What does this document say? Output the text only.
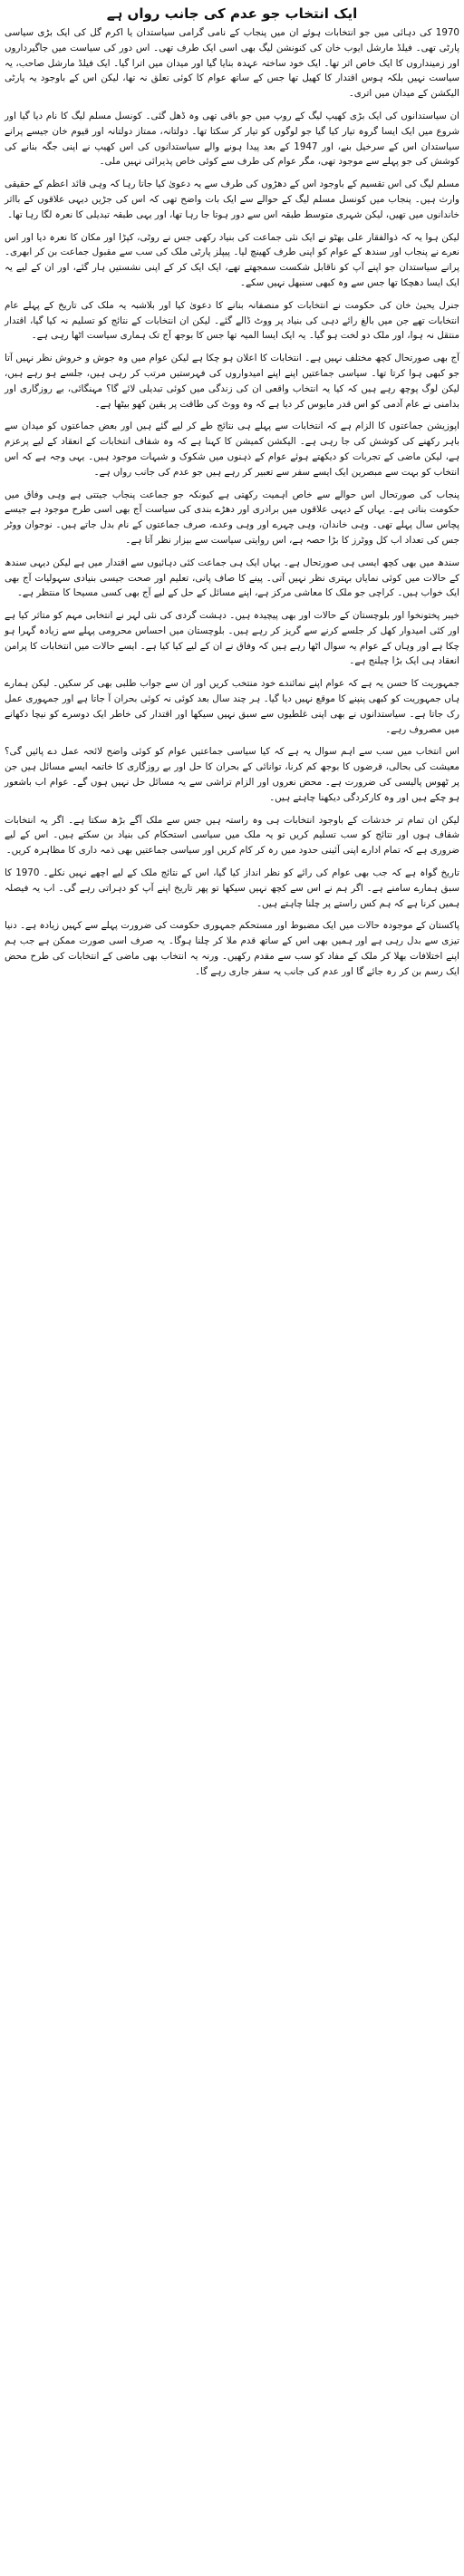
ایک انتخاب جو عدم کی جانب رواں ہے

1970 کی دہائی میں جو انتخابات ہوئے ان میں پنجاب کے نامی گرامی سیاستدان یا اکرم گل کی ایک بڑی سیاسی پارٹی تھی۔ فیلڈ مارشل ایوب خان کی کنونشن لیگ بھی اسی ایک طرف تھی۔ اس دور کی سیاست میں جاگیرداروں اور زمینداروں کا ایک خاص اثر تھا۔ ایک خود ساختہ عہدہ بنایا گیا اور میدان میں اترا گیا۔ ایک فیلڈ مارشل صاحب، یہ سیاست نہیں بلکہ ہوس اقتدار کا کھیل تھا جس کے ساتھ عوام کا کوئی تعلق نہ تھا، لیکن اس کے باوجود یہ پارٹی الیکشن کے میدان میں اتری۔

ان سیاستدانوں کی ایک بڑی کھیپ لیگ کے روپ میں جو باقی تھی وہ ڈھل گئی۔ کونسل مسلم لیگ کا نام دیا گیا اور شروع میں ایک ایسا گروہ تیار کیا گیا جو لوگوں کو تیار کر سکتا تھا۔ دولتانہ، ممتاز دولتانہ اور قیوم خان جیسے پرانے سیاستدان اس کے سرخیل بنے، اور 1947 کے بعد پیدا ہونے والے سیاستدانوں کی اس کھیپ نے اپنی جگہ بنانے کی کوشش کی جو پہلے سے موجود تھی، مگر عوام کی طرف سے کوئی خاص پذیرائی نہیں ملی۔

مسلم لیگ کی اس تقسیم کے باوجود اس کے دھڑوں کی طرف سے یہ دعویٰ کیا جاتا رہا کہ وہی قائد اعظم کے حقیقی وارث ہیں۔ پنجاب میں کونسل مسلم لیگ کے حوالے سے ایک بات واضح تھی کہ اس کی جڑیں دیہی علاقوں کے بااثر خاندانوں میں تھیں، لیکن شہری متوسط طبقہ اس سے دور ہوتا جا رہا تھا، اور یہی طبقہ تبدیلی کا نعرہ لگا رہا تھا۔

لیکن ہوا یہ کہ ذوالفقار علی بھٹو نے ایک نئی جماعت کی بنیاد رکھی جس نے روٹی، کپڑا اور مکان کا نعرہ دیا اور اس نعرے نے پنجاب اور سندھ کے عوام کو اپنی طرف کھینچ لیا۔ پیپلز پارٹی ملک کی سب سے مقبول جماعت بن کر ابھری۔ پرانے سیاستدان جو اپنے آپ کو ناقابل شکست سمجھتے تھے، ایک ایک کر کے اپنی نشستیں ہار گئے، اور ان کے لیے یہ ایک ایسا دھچکا تھا جس سے وہ کبھی سنبھل نہیں سکے۔

جنرل یحییٰ خان کی حکومت نے انتخابات کو منصفانہ بنانے کا دعویٰ کیا اور بلاشبہ یہ ملک کی تاریخ کے پہلے عام انتخابات تھے جن میں بالغ رائے دہی کی بنیاد پر ووٹ ڈالے گئے۔ لیکن ان انتخابات کے نتائج کو تسلیم نہ کیا گیا، اقتدار منتقل نہ ہوا، اور ملک دو لخت ہو گیا۔ یہ ایک ایسا المیہ تھا جس کا بوجھ آج تک ہماری سیاست اٹھا رہی ہے۔

آج بھی صورتحال کچھ مختلف نہیں ہے۔ انتخابات کا اعلان ہو چکا ہے لیکن عوام میں وہ جوش و خروش نظر نہیں آتا جو کبھی ہوا کرتا تھا۔ سیاسی جماعتیں اپنے اپنے امیدواروں کی فہرستیں مرتب کر رہی ہیں، جلسے ہو رہے ہیں، لیکن لوگ پوچھ رہے ہیں کہ کیا یہ انتخاب واقعی ان کی زندگی میں کوئی تبدیلی لائے گا؟ مہنگائی، بے روزگاری اور بدامنی نے عام آدمی کو اس قدر مایوس کر دیا ہے کہ وہ ووٹ کی طاقت پر یقین کھو بیٹھا ہے۔

اپوزیشن جماعتوں کا الزام ہے کہ انتخابات سے پہلے ہی نتائج طے کر لیے گئے ہیں اور بعض جماعتوں کو میدان سے باہر رکھنے کی کوشش کی جا رہی ہے۔ الیکشن کمیشن کا کہنا ہے کہ وہ شفاف انتخابات کے انعقاد کے لیے پرعزم ہے، لیکن ماضی کے تجربات کو دیکھتے ہوئے عوام کے ذہنوں میں شکوک و شبہات موجود ہیں۔ یہی وجہ ہے کہ اس انتخاب کو بہت سے مبصرین ایک ایسے سفر سے تعبیر کر رہے ہیں جو عدم کی جانب رواں ہے۔

پنجاب کی صورتحال اس حوالے سے خاص اہمیت رکھتی ہے کیونکہ جو جماعت پنجاب جیتتی ہے وہی وفاق میں حکومت بناتی ہے۔ یہاں کے دیہی علاقوں میں برادری اور دھڑے بندی کی سیاست آج بھی اسی طرح موجود ہے جیسے پچاس سال پہلے تھی۔ وہی خاندان، وہی چہرے اور وہی وعدے، صرف جماعتوں کے نام بدل جاتے ہیں۔ نوجوان ووٹر جس کی تعداد اب کل ووٹرز کا بڑا حصہ ہے، اس روایتی سیاست سے بیزار نظر آتا ہے۔

سندھ میں بھی کچھ ایسی ہی صورتحال ہے۔ یہاں ایک ہی جماعت کئی دہائیوں سے اقتدار میں ہے لیکن دیہی سندھ کے حالات میں کوئی نمایاں بہتری نظر نہیں آتی۔ پینے کا صاف پانی، تعلیم اور صحت جیسی بنیادی سہولیات آج بھی ایک خواب ہیں۔ کراچی جو ملک کا معاشی مرکز ہے، اپنے مسائل کے حل کے لیے آج بھی کسی مسیحا کا منتظر ہے۔

خیبر پختونخوا اور بلوچستان کے حالات اور بھی پیچیدہ ہیں۔ دہشت گردی کی نئی لہر نے انتخابی مہم کو متاثر کیا ہے اور کئی امیدوار کھل کر جلسے کرنے سے گریز کر رہے ہیں۔ بلوچستان میں احساس محرومی پہلے سے زیادہ گہرا ہو چکا ہے اور وہاں کے عوام یہ سوال اٹھا رہے ہیں کہ وفاق نے ان کے لیے کیا کیا ہے۔ ایسے حالات میں انتخابات کا پرامن انعقاد ہی ایک بڑا چیلنج ہے۔

جمہوریت کا حسن یہ ہے کہ عوام اپنے نمائندے خود منتخب کریں اور ان سے جواب طلبی بھی کر سکیں۔ لیکن ہمارے ہاں جمہوریت کو کبھی پنپنے کا موقع نہیں دیا گیا۔ ہر چند سال بعد کوئی نہ کوئی بحران آ جاتا ہے اور جمہوری عمل رک جاتا ہے۔ سیاستدانوں نے بھی اپنی غلطیوں سے سبق نہیں سیکھا اور اقتدار کی خاطر ایک دوسرے کو نیچا دکھانے میں مصروف رہے۔

اس انتخاب میں سب سے اہم سوال یہ ہے کہ کیا سیاسی جماعتیں عوام کو کوئی واضح لائحہ عمل دے پائیں گی؟ معیشت کی بحالی، قرضوں کا بوجھ کم کرنا، توانائی کے بحران کا حل اور بے روزگاری کا خاتمہ ایسے مسائل ہیں جن پر ٹھوس پالیسی کی ضرورت ہے۔ محض نعروں اور الزام تراشی سے یہ مسائل حل نہیں ہوں گے۔ عوام اب باشعور ہو چکے ہیں اور وہ کارکردگی دیکھنا چاہتے ہیں۔

لیکن ان تمام تر خدشات کے باوجود انتخابات ہی وہ راستہ ہیں جس سے ملک آگے بڑھ سکتا ہے۔ اگر یہ انتخابات شفاف ہوں اور نتائج کو سب تسلیم کریں تو یہ ملک میں سیاسی استحکام کی بنیاد بن سکتے ہیں۔ اس کے لیے ضروری ہے کہ تمام ادارے اپنی آئینی حدود میں رہ کر کام کریں اور سیاسی جماعتیں بھی ذمہ داری کا مظاہرہ کریں۔

تاریخ گواہ ہے کہ جب بھی عوام کی رائے کو نظر انداز کیا گیا، اس کے نتائج ملک کے لیے اچھے نہیں نکلے۔ 1970 کا سبق ہمارے سامنے ہے۔ اگر ہم نے اس سے کچھ نہیں سیکھا تو پھر تاریخ اپنے آپ کو دہراتی رہے گی۔ اب یہ فیصلہ ہمیں کرنا ہے کہ ہم کس راستے پر چلنا چاہتے ہیں۔

پاکستان کے موجودہ حالات میں ایک مضبوط اور مستحکم جمہوری حکومت کی ضرورت پہلے سے کہیں زیادہ ہے۔ دنیا تیزی سے بدل رہی ہے اور ہمیں بھی اس کے ساتھ قدم ملا کر چلنا ہوگا۔ یہ صرف اسی صورت ممکن ہے جب ہم اپنے اختلافات بھلا کر ملک کے مفاد کو سب سے مقدم رکھیں۔ ورنہ یہ انتخاب بھی ماضی کے انتخابات کی طرح محض ایک رسم بن کر رہ جائے گا اور عدم کی جانب یہ سفر جاری رہے گا۔
